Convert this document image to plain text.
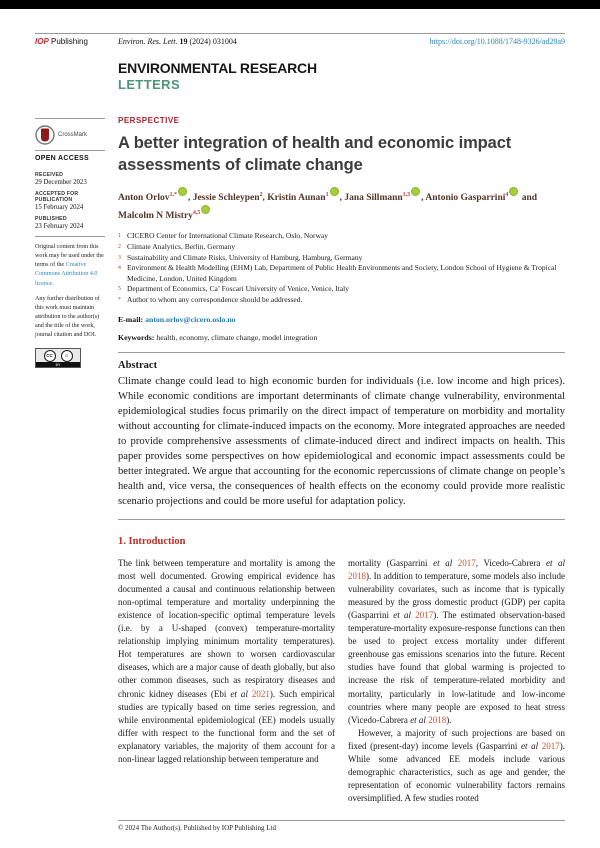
IOP Publishing	Environ. Res. Lett. 19 (2024) 031004	https://doi.org/10.1088/1748-9326/ad29a9
ENVIRONMENTAL RESEARCH
LETTERS
CrossMark
OPEN ACCESS
RECEIVED
29 December 2023
ACCEPTED FOR PUBLICATION
15 February 2024
PUBLISHED
23 February 2024

Original content from this work may be used under the terms of the Creative Commons Attribution 4.0 licence.

Any further distribution of this work must maintain attribution to the author(s) and the title of the work, journal citation and DOI.

CC	☺
BY
PERSPECTIVE
A better integration of health and economic impact assessments of climate change
Anton Orlov$^{1,*}$ , Jessie Schleypen$^2$, Kristin Aunan$^1$ , Jana Sillmann$^{1,3}$ , Antonio Gasparrini$^4$ and Malcolm N Mistry$^{4,5}$
1 CICERO Center for International Climate Research, Oslo, Norway
2 Climate Analytics, Berlin, Germany
3 Sustainability and Climate Risks, University of Hamburg, Hamburg, Germany
4 Environment & Health Modelling (EHM) Lab, Department of Public Health Environments and Society, London School of Hygiene & Tropical Medicine, London, United Kingdom
5 Department of Economics, Ca’ Foscari University of Venice, Venice, Italy
* Author to whom any correspondence should be addressed.
E-mail: anton.orlov@cicero.oslo.no
Keywords: health, economy, climate change, model integration
Abstract

Climate change could lead to high economic burden for individuals (i.e. low income and high prices). While economic conditions are important determinants of climate change vulnerability, environmental epidemiological studies focus primarily on the direct impact of temperature on morbidity and mortality without accounting for climate-induced impacts on the economy. More integrated approaches are needed to provide comprehensive assessments of climate-induced direct and indirect impacts on health. This paper provides some perspectives on how epidemiological and economic impact assessments could be better integrated. We argue that accounting for the economic repercussions of climate change on people’s health and, vice versa, the consequences of health effects on the economy could provide more realistic scenario projections and could be more useful for adaptation policy.

1. Introduction

The link between temperature and mortality is among the most well documented. Growing empirical evidence has documented a causal and continuous relationship between non-optimal temperature and mortality underpinning the existence of location-specific optimal temperature levels (i.e. by a U-shaped (convex) temperature-mortality relationship implying minimum mortality temperatures). Hot temperatures are shown to worsen cardiovascular diseases, which are a major cause of death globally, but also other common diseases, such as respiratory diseases and chronic kidney diseases (Ebi et al 2021). Such empirical studies are typically based on time series regression, and while environmental epidemiological (EE) models usually differ with respect to the functional form and the set of explanatory variables, the majority of them account for a non-linear lagged relationship between temperature and

mortality (Gasparrini et al 2017, Vicedo-Cabrera et al 2018). In addition to temperature, some models also include vulnerability covariates, such as income that is typically measured by the gross domestic product (GDP) per capita (Gasparrini et al 2017). The estimated observation-based temperature-mortality exposure-response functions can then be used to project excess mortality under different greenhouse gas emissions scenarios into the future. Recent studies have found that global warming is projected to increase the risk of temperature-related morbidity and mortality, particularly in low-latitude and low-income countries where many people are exposed to heat stress (Vicedo-Cabrera et al 2018).

However, a majority of such projections are based on fixed (present-day) income levels (Gasparrini et al 2017). While some advanced EE models include various demographic characteristics, such as age and gender, the representation of economic vulnerability factors remains oversimplified. A few studies rooted

© 2024 The Author(s). Published by IOP Publishing Ltd
